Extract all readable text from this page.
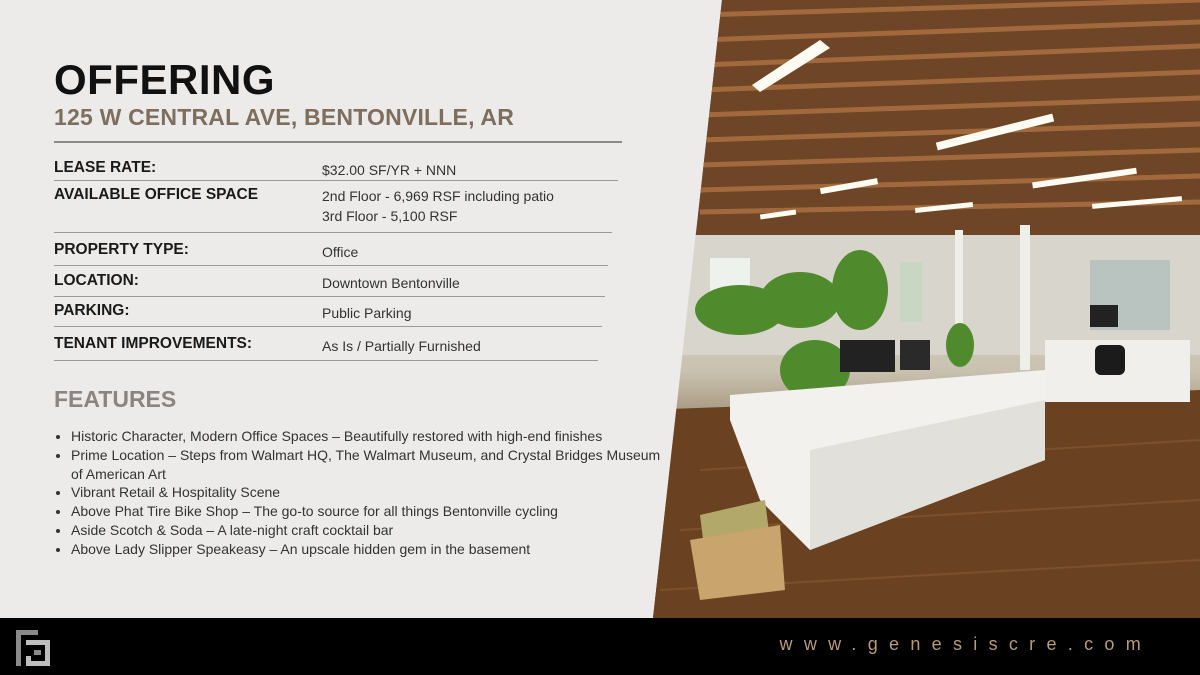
OFFERING
125 W CENTRAL AVE, BENTONVILLE, AR
LEASE RATE:	$32.00 SF/YR + NNN
AVAILABLE OFFICE SPACE	2nd Floor - 6,969 RSF including patio
3rd Floor - 5,100 RSF
PROPERTY TYPE:	Office
LOCATION:	Downtown Bentonville
PARKING:	Public Parking
TENANT IMPROVEMENTS:	As Is / Partially Furnished
FEATURES
• Historic Character, Modern Office Spaces – Beautifully restored with high-end finishes
• Prime Location – Steps from Walmart HQ, The Walmart Museum, and Crystal Bridges Museum of American Art
• Vibrant Retail & Hospitality Scene
• Above Phat Tire Bike Shop – The go-to source for all things Bentonville cycling
• Aside Scotch & Soda – A late-night craft cocktail bar
• Above Lady Slipper Speakeasy – An upscale hidden gem in the basement
www.genesiscre.com
